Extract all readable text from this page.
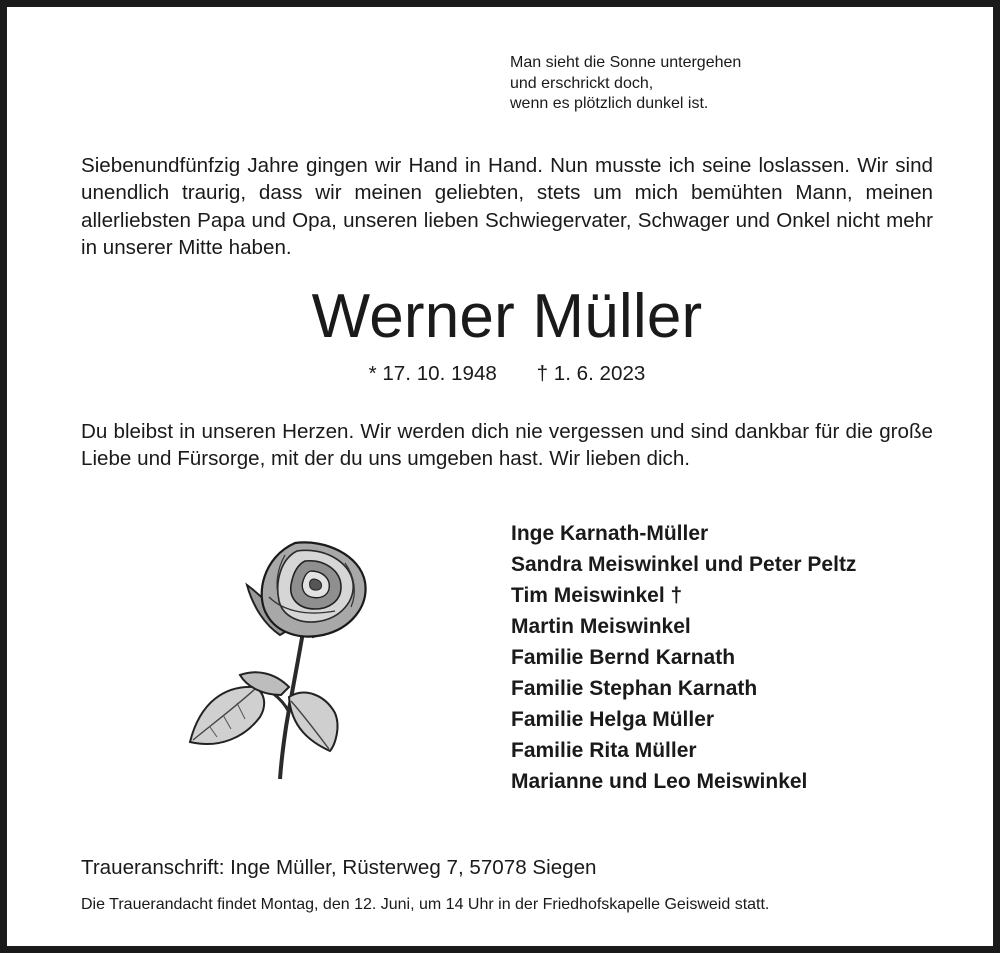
Man sieht die Sonne untergehen
und erschrickt doch,
wenn es plötzlich dunkel ist.

Siebenundfünfzig Jahre gingen wir Hand in Hand. Nun musste ich seine loslassen. Wir sind unendlich traurig, dass wir meinen geliebten, stets um mich bemühten Mann, meinen allerliebsten Papa und Opa, unseren lieben Schwiegervater, Schwager und Onkel nicht mehr in unserer Mitte haben.

Werner Müller
* 17. 10. 1948 † 1. 6. 2023

Du bleibst in unseren Herzen. Wir werden dich nie vergessen und sind dankbar für die große Liebe und Fürsorge, mit der du uns umgeben hast. Wir lieben dich.

Inge Karnath-Müller
Sandra Meiswinkel und Peter Peltz
Tim Meiswinkel †
Martin Meiswinkel
Familie Bernd Karnath
Familie Stephan Karnath
Familie Helga Müller
Familie Rita Müller
Marianne und Leo Meiswinkel
Traueranschrift: Inge Müller, Rüsterweg 7, 57078 Siegen
Die Trauerandacht findet Montag, den 12. Juni, um 14 Uhr in der Friedhofskapelle Geisweid statt.
